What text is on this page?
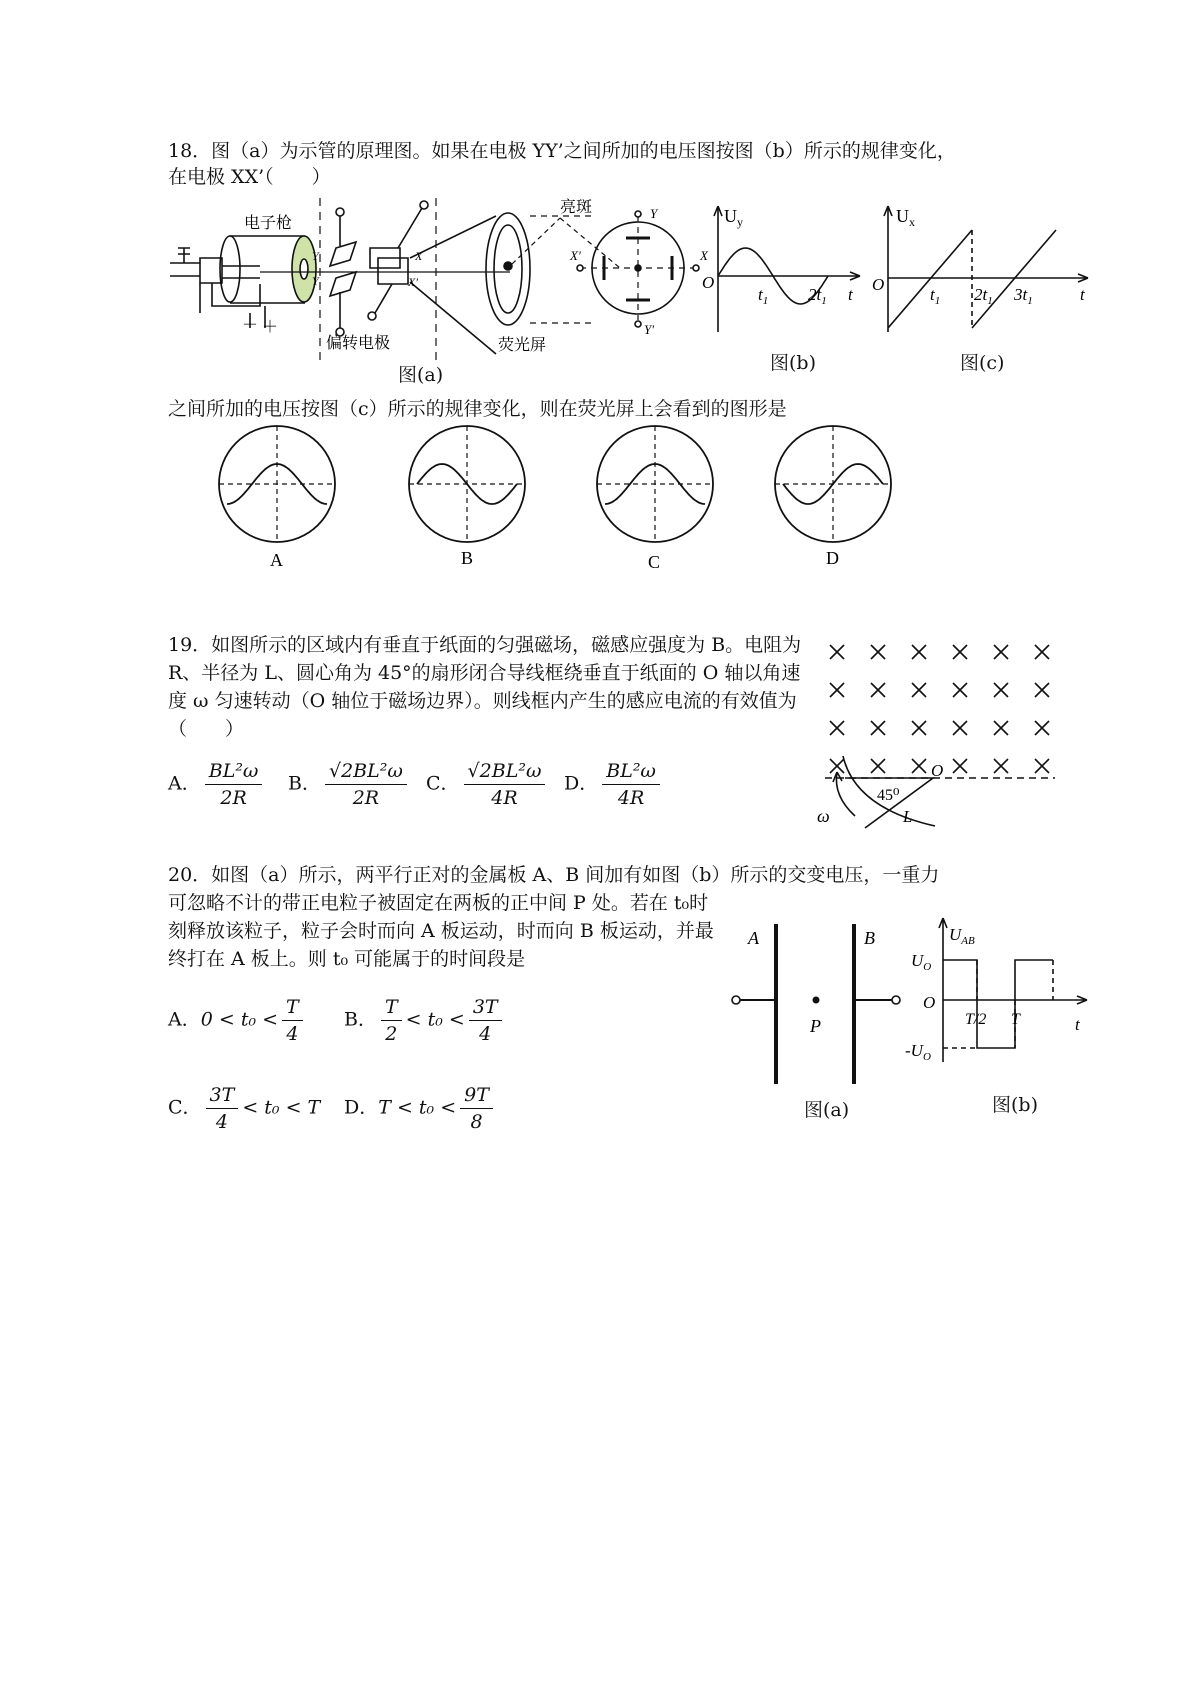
18．图（a）为示管的原理图。如果在电极 YY’之间所加的电压图按图（b）所示的规律变化，
在电极 XX’（　　）
电子枪
偏转电极	荧光屏
亮斑
－ ＋
Y
Y
X
X′
Y
Y′
X′	X
图(a)
$U_y$
O
$t_1$ $2t_1$ t
图(b)
$U_x$
O
$t_1$ $2t_1$ $3t_1$	t
图(c)
之间所加的电压按图（c）所示的规律变化，则在荧光屏上会看到的图形是
A	B	C	D
19．如图所示的区域内有垂直于纸面的匀强磁场，磁感应强度为 B。电阻为
R、半径为 L、圆心角为 45°的扇形闭合导线框绕垂直于纸面的 O 轴以角速
度 ω 匀速转动（O 轴位于磁场边界）。则线框内产生的感应电流的有效值为
（　　）
A． $\frac{\text{BL²ω}}{2R}$ B． $\frac{\text{√2BL²ω}}{2R}$ C． $\frac{\text{√2BL²ω}}{4R}$ D． $\frac{\text{BL²ω}}{4R}$	45⁰
O
L
ω
20．如图（a）所示，两平行正对的金属板 A、B 间加有如图（b）所示的交变电压，一重力
可忽略不计的带正电粒子被固定在两板的正中间 P 处。若在 t₀时
刻释放该粒子，粒子会时而向 A 板运动，时而向 B 板运动，并最
终打在 A 板上。则 t₀ 可能属于的时间段是
A．$0 < t_0 < \frac{T}{4}$ B． $\frac{T}{2} < t_0 < \frac{3T}{4}$
C． $\frac{3T}{4} < t_0 < T$ D．$T < t_0 < \frac{9T}{8}$
A	B
P
图(a)
$U_{AB}$
$U_O$
$-U_O$
O
T/2 T	t
图(b)
